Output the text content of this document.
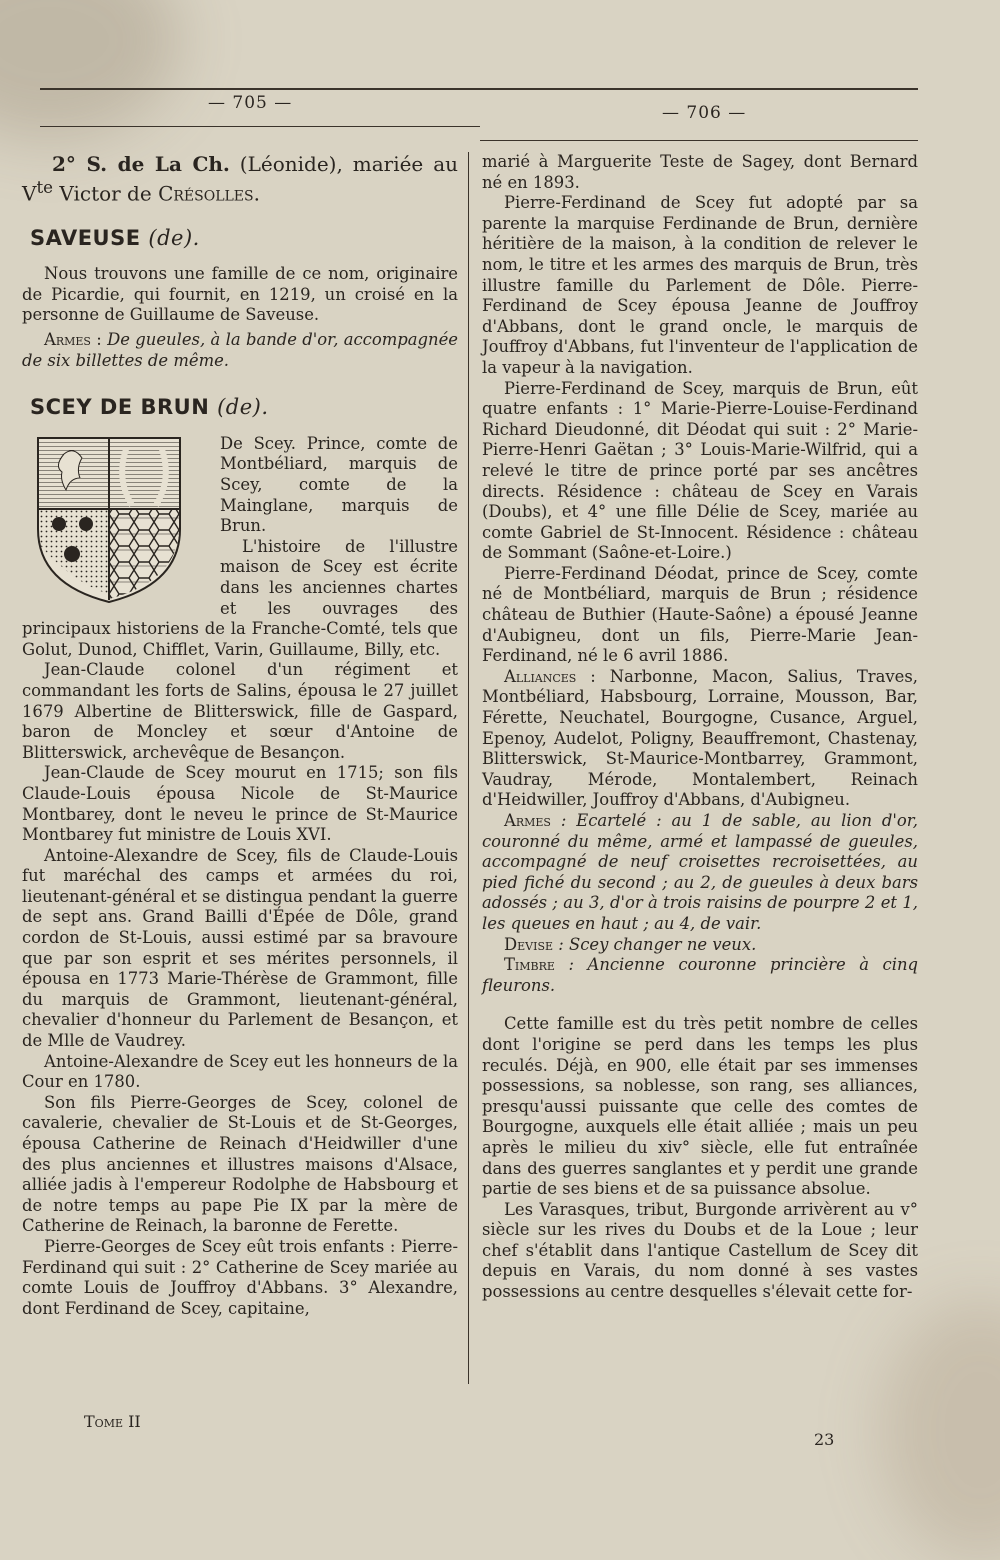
— 705 —	— 706 —

2° S. de La Ch. (Léonide), mariée au $V^{te}$ Victor de Crésolles.

SAVEUSE (de).

Nous trouvons une famille de ce nom, originaire de Picardie, qui fournit, en 1219, un croisé en la personne de Guillaume de Saveuse.

Armes : De gueules, à la bande d'or, accompagnée de six billettes de même.

SCEY DE BRUN (de).

De Scey. Prince, comte de Montbéliard, marquis de Scey, comte de la Mainglane, marquis de Brun.

L'histoire de l'illustre maison de Scey est écrite dans les anciennes chartes et les ouvrages des principaux historiens de la Franche-Comté, tels que Golut, Dunod, Chifflet, Varin, Guillaume, Billy, etc.

Jean-Claude colonel d'un régiment et commandant les forts de Salins, épousa le 27 juillet 1679 Albertine de Blitterswick, fille de Gaspard, baron de Moncley et sœur d'Antoine de Blitterswick, archevêque de Besançon.

Jean-Claude de Scey mourut en 1715; son fils Claude-Louis épousa Nicole de St-Maurice Montbarey, dont le neveu le prince de St-Maurice Montbarey fut ministre de Louis XVI.

Antoine-Alexandre de Scey, fils de Claude-Louis fut maréchal des camps et armées du roi, lieutenant-général et se distingua pendant la guerre de sept ans. Grand Bailli d'Épée de Dôle, grand cordon de St-Louis, aussi estimé par sa bravoure que par son esprit et ses mérites personnels, il épousa en 1773 Marie-Thérèse de Grammont, fille du marquis de Grammont, lieutenant-général, chevalier d'honneur du Parlement de Besançon, et de Mlle de Vaudrey.

Antoine-Alexandre de Scey eut les honneurs de la Cour en 1780.

Son fils Pierre-Georges de Scey, colonel de cavalerie, chevalier de St-Louis et de St-Georges, épousa Catherine de Reinach d'Heidwiller d'une des plus anciennes et illustres maisons d'Alsace, alliée jadis à l'empereur Rodolphe de Habsbourg et de notre temps au pape Pie IX par la mère de Catherine de Reinach, la baronne de Ferette.

Pierre-Georges de Scey eût trois enfants : Pierre-Ferdinand qui suit : 2° Catherine de Scey mariée au comte Louis de Jouffroy d'Abbans. 3° Alexandre, dont Ferdinand de Scey, capitaine,

marié à Marguerite Teste de Sagey, dont Bernard né en 1893.

Pierre-Ferdinand de Scey fut adopté par sa parente la marquise Ferdinande de Brun, dernière héritière de la maison, à la condition de relever le nom, le titre et les armes des marquis de Brun, très illustre famille du Parlement de Dôle. Pierre-Ferdinand de Scey épousa Jeanne de Jouffroy d'Abbans, dont le grand oncle, le marquis de Jouffroy d'Abbans, fut l'inventeur de l'application de la vapeur à la navigation.

Pierre-Ferdinand de Scey, marquis de Brun, eût quatre enfants : 1° Marie-Pierre-Louise-Ferdinand Richard Dieudonné, dit Déodat qui suit : 2° Marie-Pierre-Henri Gaëtan ; 3° Louis-Marie-Wilfrid, qui a relevé le titre de prince porté par ses ancêtres directs. Résidence : château de Scey en Varais (Doubs), et 4° une fille Délie de Scey, mariée au comte Gabriel de St-Innocent. Résidence : château de Sommant (Saône-et-Loire.)

Pierre-Ferdinand Déodat, prince de Scey, comte né de Montbéliard, marquis de Brun ; résidence château de Buthier (Haute-Saône) a épousé Jeanne d'Aubigneu, dont un fils, Pierre-Marie Jean-Ferdinand, né le 6 avril 1886.

Alliances : Narbonne, Macon, Salius, Traves, Montbéliard, Habsbourg, Lorraine, Mousson, Bar, Férette, Neuchatel, Bourgogne, Cusance, Arguel, Epenoy, Audelot, Poligny, Beauffremont, Chastenay, Blitterswick, St-Maurice-Montbarrey, Grammont, Vaudray, Mérode, Montalembert, Reinach d'Heidwiller, Jouffroy d'Abbans, d'Aubigneu.

Armes : Ecartelé : au 1 de sable, au lion d'or, couronné du même, armé et lampassé de gueules, accompagné de neuf croisettes recroisettées, au pied fiché du second ; au 2, de gueules à deux bars adossés ; au 3, d'or à trois raisins de pourpre 2 et 1, les queues en haut ; au 4, de vair.

Devise : Scey changer ne veux.

Timbre : Ancienne couronne princière à cinq fleurons.

Cette famille est du très petit nombre de celles dont l'origine se perd dans les temps les plus reculés. Déjà, en 900, elle était par ses immenses possessions, sa noblesse, son rang, ses alliances, presqu'aussi puissante que celle des comtes de Bourgogne, auxquels elle était alliée ; mais un peu après le milieu du xiv° siècle, elle fut entraînée dans des guerres sanglantes et y perdit une grande partie de ses biens et de sa puissance absolue.

Les Varasques, tribut, Burgonde arrivèrent au v° siècle sur les rives du Doubs et de la Loue ; leur chef s'établit dans l'antique Castellum de Scey dit depuis en Varais, du nom donné à ses vastes possessions au centre desquelles s'élevait cette for-

Tome II
23
